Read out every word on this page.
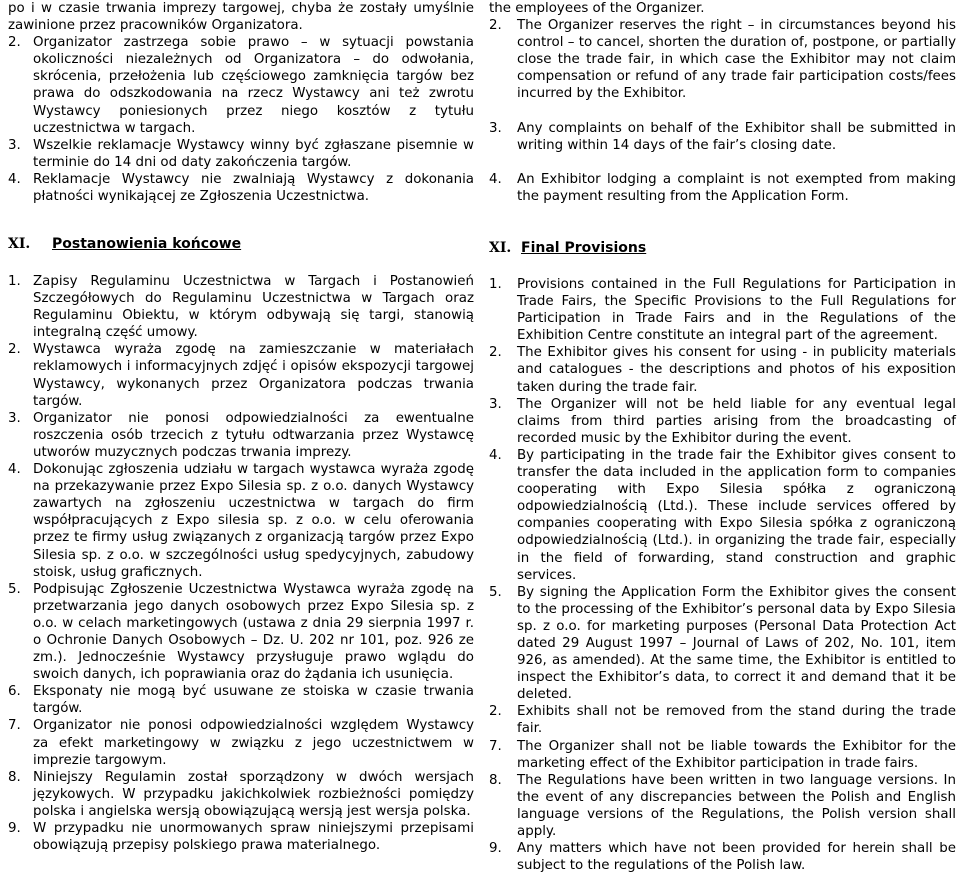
po i w czasie trwania imprezy targowej, chyba że zostały umyślnie zawinione przez pracowników Organizatora.
2. Organizator zastrzega sobie prawo – w sytuacji powstania okoliczności niezależnych od Organizatora – do odwołania, skrócenia, przełożenia lub częściowego zamknięcia targów bez prawa do odszkodowania na rzecz Wystawcy ani też zwrotu Wystawcy poniesionych przez niego kosztów z tytułu uczestnictwa w targach.
3. Wszelkie reklamacje Wystawcy winny być zgłaszane pisemnie w terminie do 14 dni od daty zakończenia targów.
4. Reklamacje Wystawcy nie zwalniają Wystawcy z dokonania płatności wynikającej ze Zgłoszenia Uczestnictwa.
XI.	Postanowienia końcowe
1. Zapisy Regulaminu Uczestnictwa w Targach i Postanowień Szczegółowych do Regulaminu Uczestnictwa w Targach oraz Regulaminu Obiektu, w którym odbywają się targi, stanowią integralną część umowy.
2. Wystawca wyraża zgodę na zamieszczanie w materiałach reklamowych i informacyjnych zdjęć i opisów ekspozycji targowej Wystawcy, wykonanych przez Organizatora podczas trwania targów.
3. Organizator nie ponosi odpowiedzialności za ewentualne roszczenia osób trzecich z tytułu odtwarzania przez Wystawcę utworów muzycznych podczas trwania imprezy.
4. Dokonując zgłoszenia udziału w targach wystawca wyraża zgodę na przekazywanie przez Expo Silesia sp. z o.o. danych Wystawcy zawartych na zgłoszeniu uczestnictwa w targach do firm współpracujących z Expo silesia sp. z o.o. w celu oferowania przez te firmy usług związanych z organizacją targów przez Expo Silesia sp. z o.o. w szczególności usług spedycyjnych, zabudowy stoisk, usług graficznych.
5. Podpisując Zgłoszenie Uczestnictwa Wystawca wyraża zgodę na przetwarzania jego danych osobowych przez Expo Silesia sp. z o.o. w celach marketingowych (ustawa z dnia 29 sierpnia 1997 r. o Ochronie Danych Osobowych – Dz. U. 202 nr 101, poz. 926 ze zm.). Jednocześnie Wystawcy przysługuje prawo wglądu do swoich danych, ich poprawiania oraz do żądania ich usunięcia.
6. Eksponaty nie mogą być usuwane ze stoiska w czasie trwania targów.
7. Organizator nie ponosi odpowiedzialności względem Wystawcy za efekt marketingowy w związku z jego uczestnictwem w imprezie targowym.
8. Niniejszy Regulamin został sporządzony w dwóch wersjach językowych. W przypadku jakichkolwiek rozbieżności pomiędzy polska i angielska wersją obowiązującą wersją jest wersja polska.
9. W przypadku nie unormowanych spraw niniejszymi przepisami obowiązują przepisy polskiego prawa materialnego.
the employees of the Organizer.
2.	The Organizer reserves the right – in circumstances beyond his control – to cancel, shorten the duration of, postpone, or partially close the trade fair, in which case the Exhibitor may not claim compensation or refund of any trade fair participation costs/fees incurred by the Exhibitor.
3.	Any complaints on behalf of the Exhibitor shall be submitted in writing within 14 days of the fair’s closing date.
4.	An Exhibitor lodging a complaint is not exempted from making the payment resulting from the Application Form.
XI. Final Provisions
1.	Provisions contained in the Full Regulations for Participation in Trade Fairs, the Specific Provisions to the Full Regulations for Participation in Trade Fairs and in the Regulations of the Exhibition Centre constitute an integral part of the agreement.
2.	The Exhibitor gives his consent for using - in publicity materials and catalogues - the descriptions and photos of his exposition taken during the trade fair.
3.	The Organizer will not be held liable for any eventual legal claims from third parties arising from the broadcasting of recorded music by the Exhibitor during the event.
4.	By participating in the trade fair the Exhibitor gives consent to transfer the data included in the application form to companies cooperating with Expo Silesia spółka z ograniczoną odpowiedzialnością (Ltd.). These include services offered by companies cooperating with Expo Silesia spółka z ograniczoną odpowiedzialnością (Ltd.). in organizing the trade fair, especially in the field of forwarding, stand construction and graphic services.
5.	By signing the Application Form the Exhibitor gives the consent to the processing of the Exhibitor’s personal data by Expo Silesia sp. z o.o. for marketing purposes (Personal Data Protection Act dated 29 August 1997 – Journal of Laws of 202, No. 101, item 926, as amended). At the same time, the Exhibitor is entitled to inspect the Exhibitor’s data, to correct it and demand that it be deleted.
2.	Exhibits shall not be removed from the stand during the trade fair.
7.	The Organizer shall not be liable towards the Exhibitor for the marketing effect of the Exhibitor participation in trade fairs.
8.	The Regulations have been written in two language versions. In the event of any discrepancies between the Polish and English language versions of the Regulations, the Polish version shall apply.
9.	Any matters which have not been provided for herein shall be subject to the regulations of the Polish law.
